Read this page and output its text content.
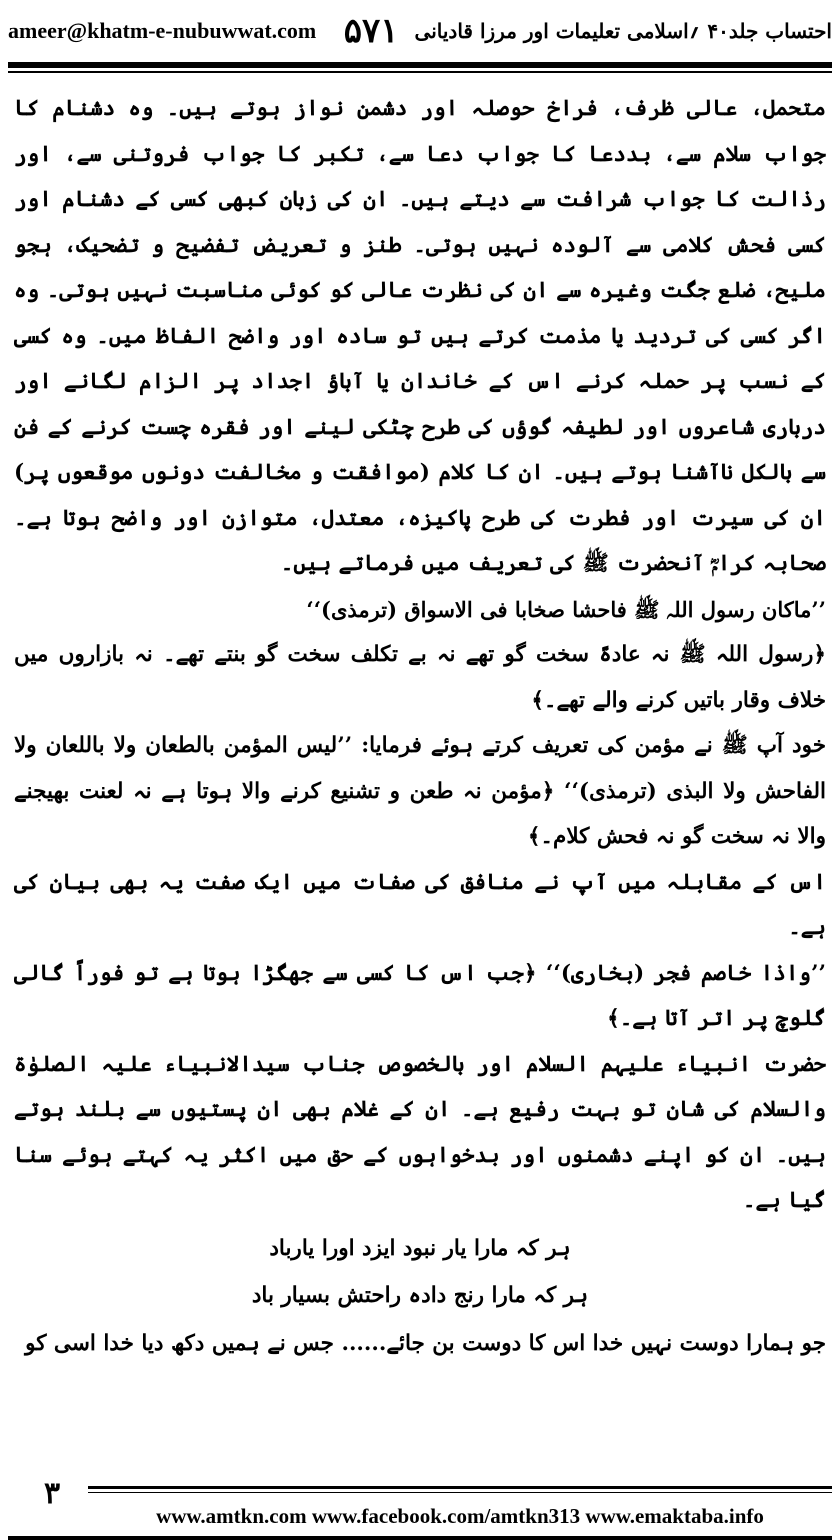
ameer@khatm-e-nubuwwat.com	احتساب جلد۴۰ ؍اسلامی تعلیمات اور مرزا قادیانی
۵۷۱

متحمل، عالی ظرف، فراخ حوصلہ اور دشمن نواز ہوتے ہیں۔ وہ دشنام کا جواب سلام سے، بددعا کا جواب دعا سے، تکبر کا جواب فروتنی سے، اور رذالت کا جواب شرافت سے دیتے ہیں۔ ان کی زبان کبھی کسی کے دشنام اور کسی فحش کلامی سے آلودہ نہیں ہوتی۔ طنز و تعریض تفضیح و تضحیک، ہجو ملیح، ضلع جگت وغیرہ سے ان کی نظرت عالی کو کوئی مناسبت نہیں ہوتی۔ وہ اگر کسی کی تردید یا مذمت کرتے ہیں تو سادہ اور واضح الفاظ میں۔ وہ کسی کے نسب پر حملہ کرنے اس کے خاندان یا آباؤ اجداد پر الزام لگانے اور درباری شاعروں اور لطیفہ گوؤں کی طرح چٹکی لینے اور فقرہ چست کرنے کے فن سے بالکل ناآشنا ہوتے ہیں۔ ان کا کلام (موافقت و مخالفت دونوں موقعوں پر) ان کی سیرت اور فطرت کی طرح پاکیزہ، معتدل، متوازن اور واضح ہوتا ہے۔ صحابہ کرامؓ آنحضرت ﷺ کی تعریف میں فرماتے ہیں۔

’’ماکان رسول اللہ ﷺ فاحشا صخابا فی الاسواق (ترمذی)‘‘

﴿رسول اللہ ﷺ نہ عادۃً سخت گو تھے نہ بے تکلف سخت گو بنتے تھے۔ نہ بازاروں میں خلاف وقار باتیں کرنے والے تھے۔﴾

خود آپ ﷺ نے مؤمن کی تعریف کرتے ہوئے فرمایا: ’’لیس المؤمن بالطعان ولا باللعان ولا الفاحش ولا البذی (ترمذی)‘‘ ﴿مؤمن نہ طعن و تشنیع کرنے والا ہوتا ہے نہ لعنت بھیجنے والا نہ سخت گو نہ فحش کلام۔﴾

اس کے مقابلہ میں آپ نے منافق کی صفات میں ایک صفت یہ بھی بیان کی ہے۔

’’واذا خاصم فجر (بخاری)‘‘ ﴿جب اس کا کسی سے جھگڑا ہوتا ہے تو فوراً گالی گلوچ پر اتر آتا ہے۔﴾

حضرت انبیاء علیہم السلام اور بالخصوص جناب سیدالانبیاء علیہ الصلوٰۃ والسلام کی شان تو بہت رفیع ہے۔ ان کے غلام بھی ان پستیوں سے بلند ہوتے ہیں۔ ان کو اپنے دشمنوں اور بدخواہوں کے حق میں اکثر یہ کہتے ہوئے سنا گیا ہے۔

ہر کہ مارا یار نبود ایزد اورا یارباد

ہر کہ مارا رنج دادہ راحتش بسیار باد

جو ہمارا دوست نہیں خدا اس کا دوست بن جائے...... جس نے ہمیں دکھ دیا خدا اسی کو

۳
www.amtkn.com www.facebook.com/amtkn313 www.emaktaba.info
